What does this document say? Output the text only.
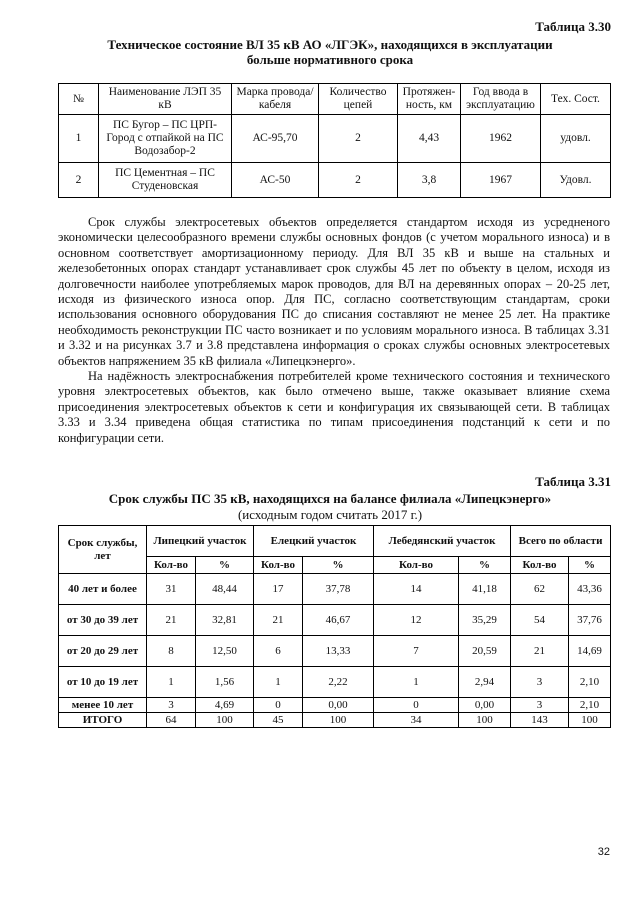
Таблица 3.30
Техническое состояние ВЛ 35 кВ АО «ЛГЭК», находящихся в эксплуатации
больше нормативного срока
№	Наименование ЛЭП 35 кВ	Марка провода/кабеля	Количество цепей	Протяжен-ность, км	Год ввода в эксплуатацию	Тех. Сост.
1	ПС Бугор – ПС ЦРП-Город с отпайкой на ПС Водозабор-2	АС-95,70	2	4,43	1962	удовл.
2	ПС Цементная – ПС Студеновская	АС-50	2	3,8	1967	Удовл.

Срок службы электросетевых объектов определяется стандартом исходя из усредненого экономически целесообразного времени службы основных фондов (с учетом морального износа) и в основном соответствует амортизационному периоду. Для ВЛ 35 кВ и выше на стальных и железобетонных опорах стандарт устанавливает срок службы 45 лет по объекту в целом, исходя из долговечности наиболее употребляемых марок проводов, для ВЛ на деревянных опорах – 20-25 лет, исходя из физического износа опор. Для ПС, согласно соответствующим стандартам, сроки использования основного оборудования ПС до списания составляют не менее 25 лет. На практике необходимость реконструкции ПС часто возникает и по условиям морального износа. В таблицах 3.31 и 3.32 и на рисунках 3.7 и 3.8 представлена информация о сроках службы основных электросетевых объектов напряжением 35 кВ филиала «Липецкэнерго».

На надёжность электроснабжения потребителей кроме технического состояния и технического уровня электросетевых объектов, как было отмечено выше, также оказывает влияние схема присоединения электросетевых объектов к сети и конфигурация их связывающей сети. В таблицах 3.33 и 3.34 приведена общая статистика по типам присоединения подстанций к сети и по конфигурации сети.

Таблица 3.31
Срок службы ПС 35 кВ, находящихся на балансе филиала «Липецкэнерго»
(исходным годом считать 2017 г.)
Срок службы, лет	Липецкий участок		Елецкий участок		Лебедянский участок		Всего по области	
	Кол-во	%	Кол-во	%	Кол-во	%	Кол-во	%
40 лет и более	31	48,44	17	37,78	14	41,18	62	43,36
от 30 до 39 лет	21	32,81	21	46,67	12	35,29	54	37,76
от 20 до 29 лет	8	12,50	6	13,33	7	20,59	21	14,69
от 10 до 19 лет	1	1,56	1	2,22	1	2,94	3	2,10
менее 10 лет	3	4,69	0	0,00	0	0,00	3	2,10
ИТОГО	64	100	45	100	34	100	143	100
32
